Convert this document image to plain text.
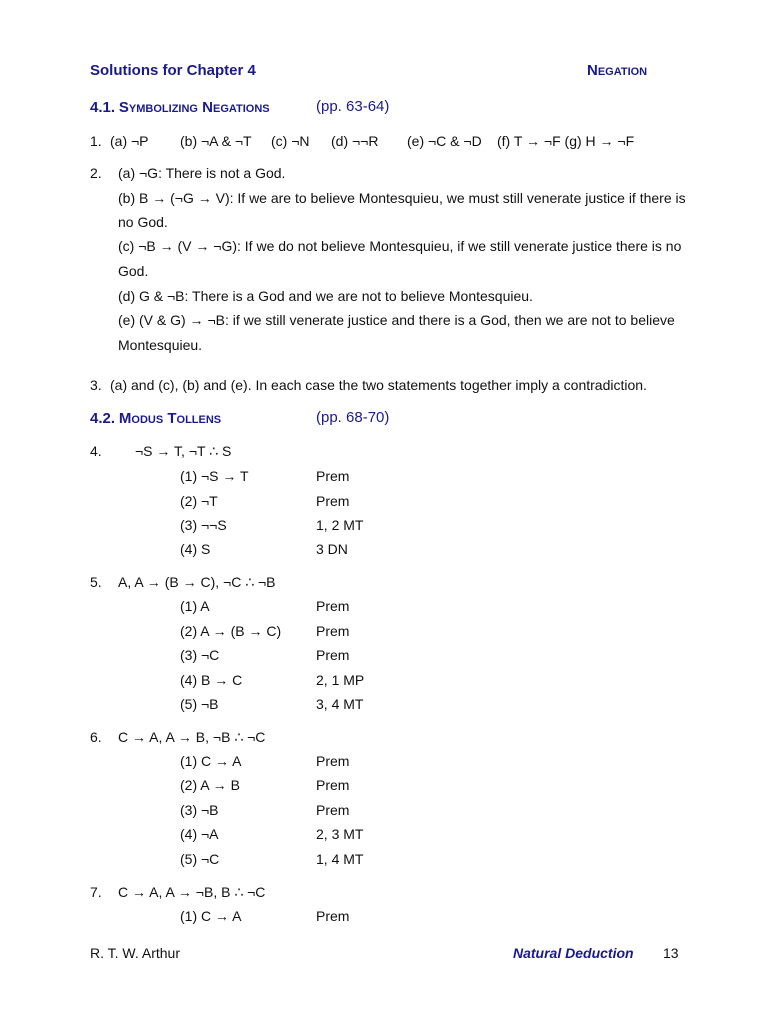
Solutions for Chapter 4	Negation
4.1. Symbolizing Negations	(pp. 63-64)
1. (a) ¬P (b) ¬A & ¬T (c) ¬N (d) ¬¬R (e) ¬C & ¬D (f) T → ¬F (g) H → ¬F
2. (a) ¬G: There is not a God.
(b) B → (¬G → V): If we are to believe Montesquieu, we must still venerate justice if there is
no God.
(c) ¬B → (V → ¬G): If we do not believe Montesquieu, if we still venerate justice there is no
God.
(d) G & ¬B: There is a God and we are not to believe Montesquieu.
(e) (V & G) → ¬B: if we still venerate justice and there is a God, then we are not to believe
Montesquieu.
3. (a) and (c), (b) and (e). In each case the two statements together imply a contradiction.
4.2. Modus Tollens	(pp. 68-70)
4. ¬S → T, ¬T ∴ S
(1) ¬S → T	Prem
(2) ¬T	Prem
(3) ¬¬S	1, 2 MT
(4) S	3 DN
5. A, A → (B → C), ¬C ∴ ¬B
(1) A	Prem
(2) A → (B → C) Prem
(3) ¬C	Prem
(4) B → C	2, 1 MP
(5) ¬B	3, 4 MT
6. C → A, A → B, ¬B ∴ ¬C
(1) C → A	Prem
(2) A → B	Prem
(3) ¬B	Prem
(4) ¬A	2, 3 MT
(5) ¬C	1, 4 MT
7. C → A, A → ¬B, B ∴ ¬C
(1) C → A	Prem
R. T. W. Arthur	Natural Deduction 13
